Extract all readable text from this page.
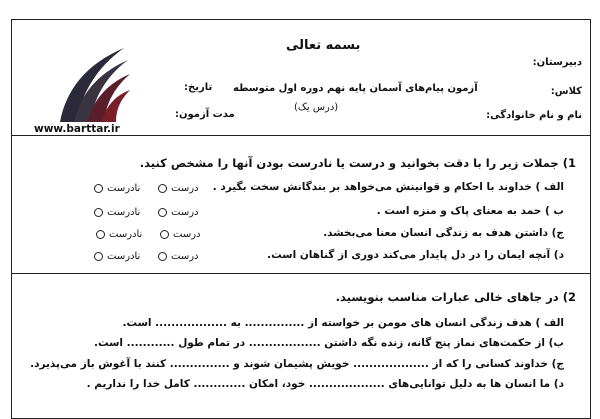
بسمه تعالی
دبیرستان:
کلاس:
نام و نام خانوادگی:
آزمون پیام‌های آسمان پایه نهم دوره اول متوسطه
(درس یک)
تاریخ:
مدت آزمون:
www.barttar.ir
1) جملات زیر را با دقت بخوانید و درست یا نادرست بودن آنها را مشخص کنید.
الف ) خداوند با احکام و قوانینش می‌خواهد بر بندگانش سخت بگیرد .
ب ) حمد به معنای پاک و منزه است .
ج) داشتن هدف به زندگی انسان معنا می‌بخشد.
د) آنچه ایمان را در دل پایدار می‌کند دوری از گناهان است.
درست
درست
درست
درست
نادرست
نادرست
نادرست
نادرست
2) در جاهای خالی عبارات مناسب بنویسید.
الف ) هدف زندگی انسان های مومن بر خواسته از ............... به .................. است.
ب) از حکمت‌های نماز پنج گانه، زنده نگه داشتن .................. در تمام طول ............ است.
ج) خداوند کسانی را که از ................... خویش پشیمان شوند و ............... کنند با آغوش باز می‌پذیرد.
د) ما انسان ها به دلیل توانایی‌های ................... خود، امکان ............. کامل خدا را نداریم .
